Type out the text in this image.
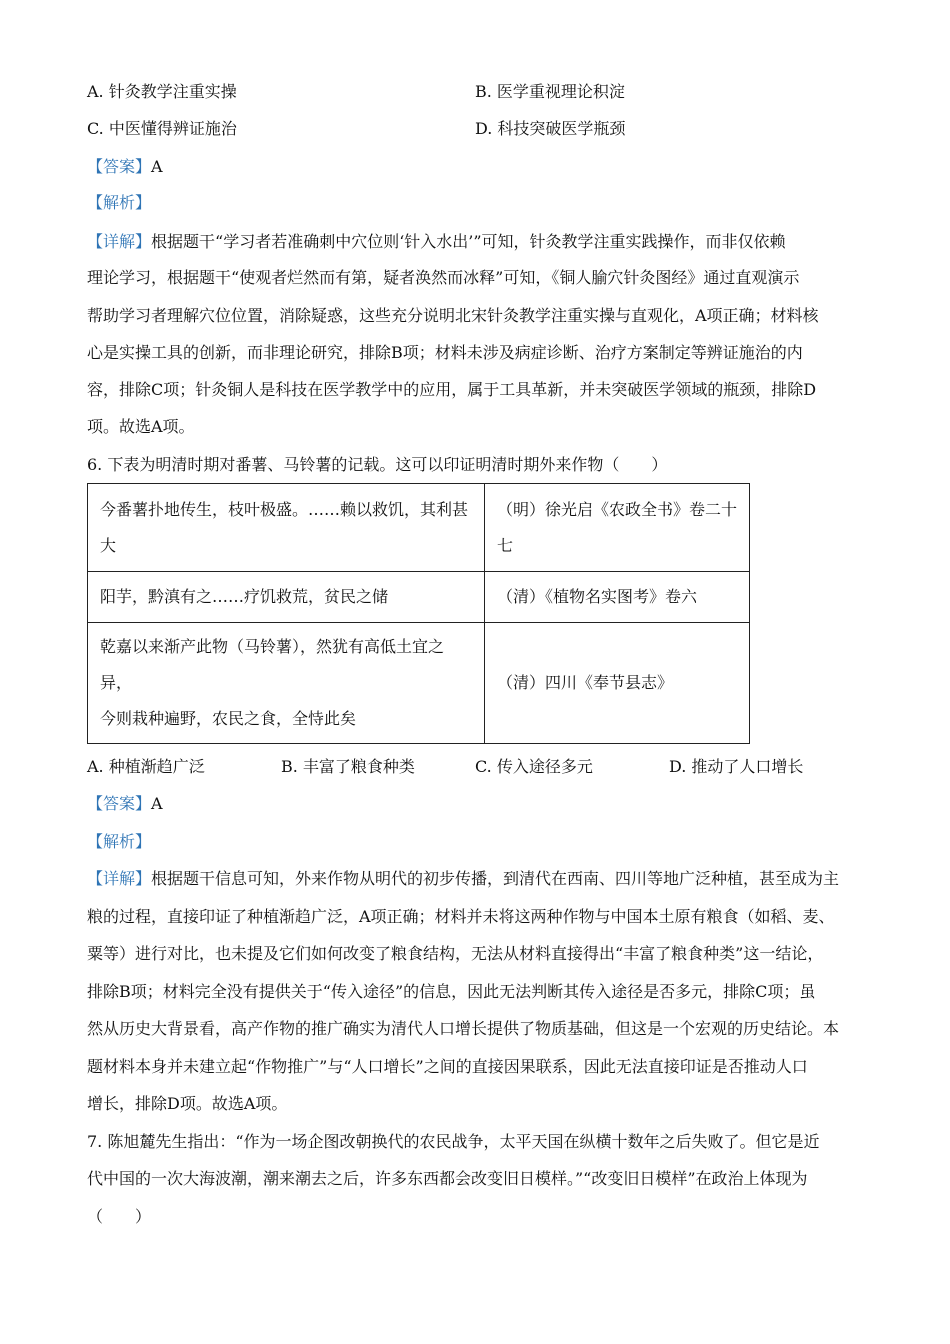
A. 针灸教学注重实操	B. 医学重视理论积淀
C. 中医懂得辨证施治	D. 科技突破医学瓶颈
【答案】A
【解析】
【详解】根据题干“学习者若准确刺中穴位则‘针入水出’”可知，针灸教学注重实践操作，而非仅依赖
理论学习，根据题干“使观者烂然而有第，疑者涣然而冰释”可知，《铜人腧穴针灸图经》通过直观演示
帮助学习者理解穴位位置，消除疑惑，这些充分说明北宋针灸教学注重实操与直观化，A项正确；材料核
心是实操工具的创新，而非理论研究，排除B项；材料未涉及病症诊断、治疗方案制定等辨证施治的内
容，排除C项；针灸铜人是科技在医学教学中的应用，属于工具革新，并未突破医学领域的瓶颈，排除D
项。故选A项。
6. 下表为明清时期对番薯、马铃薯的记载。这可以印证明清时期外来作物（　　）
今番薯扑地传生，枝叶极盛。……赖以救饥，其利甚
大	（明）徐光启《农政全书》卷二十
七
阳芋，黔滇有之……疗饥救荒，贫民之储	（清）《植物名实图考》卷六
乾嘉以来渐产此物（马铃薯），然犹有高低土宜之异，
今则栽种遍野，农民之食，全恃此矣	（清）四川《奉节县志》
A. 种植渐趋广泛	B. 丰富了粮食种类	C. 传入途径多元	D. 推动了人口增长
【答案】A
【解析】
【详解】根据题干信息可知，外来作物从明代的初步传播，到清代在西南、四川等地广泛种植，甚至成为主
粮的过程，直接印证了种植渐趋广泛，A项正确；材料并未将这两种作物与中国本土原有粮食（如稻、麦、
粟等）进行对比，也未提及它们如何改变了粮食结构，无法从材料直接得出“丰富了粮食种类”这一结论，
排除B项；材料完全没有提供关于“传入途径”的信息，因此无法判断其传入途径是否多元，排除C项；虽
然从历史大背景看，高产作物的推广确实为清代人口增长提供了物质基础，但这是一个宏观的历史结论。本
题材料本身并未建立起“作物推广”与“人口增长”之间的直接因果联系，因此无法直接印证是否推动人口
增长，排除D项。故选A项。
7. 陈旭麓先生指出：“作为一场企图改朝换代的农民战争，太平天国在纵横十数年之后失败了。但它是近
代中国的一次大海波潮，潮来潮去之后，许多东西都会改变旧日模样。”“改变旧日模样”在政治上体现为
（　　）
